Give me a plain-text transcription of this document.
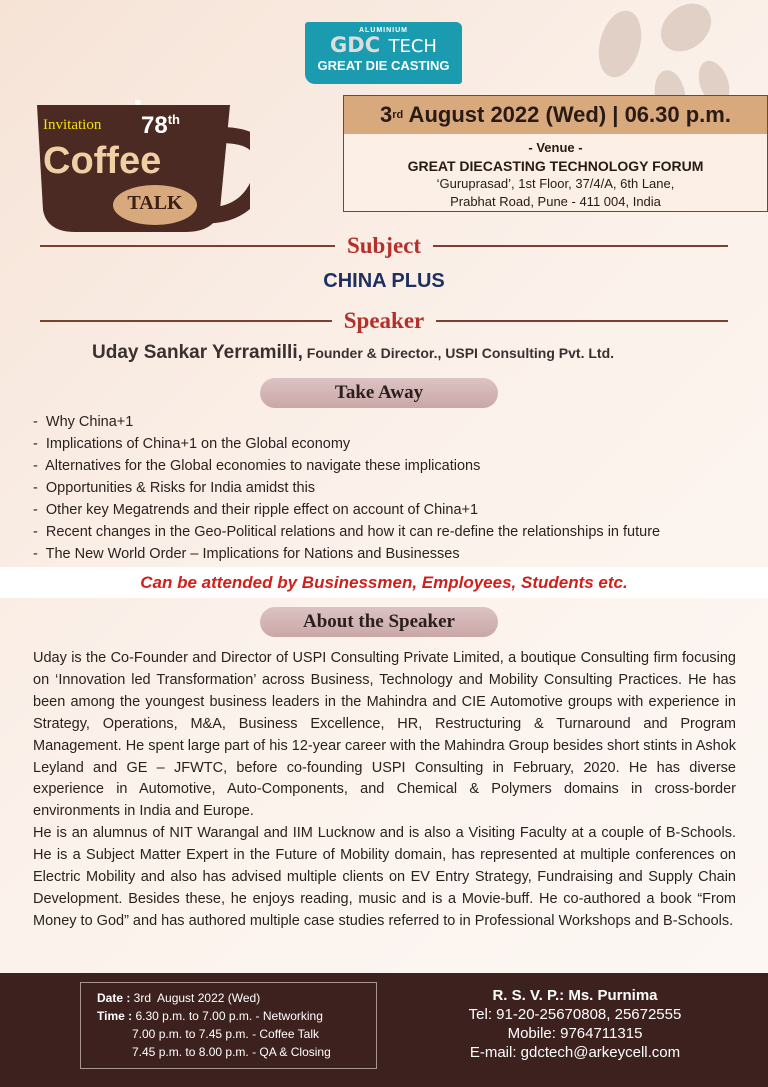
ALUMINIUM
GDC TECH
GREAT DIE CASTING
Invitation 78th
Coffee
TALK
3 rd August 2022 (Wed) | 06.30 p.m.
- Venue -
GREAT DIECASTING TECHNOLOGY FORUM
‘Guruprasad’, 1st Floor, 37/4/A, 6th Lane,
Prabhat Road, Pune - 411 004, India
Subject
CHINA PLUS
Speaker
Uday Sankar Yerramilli, Founder & Director., USPI Consulting Pvt. Ltd.
Take Away
- Why China+1
- Implications of China+1 on the Global economy
- Alternatives for the Global economies to navigate these implications
- Opportunities & Risks for India amidst this
- Other key Megatrends and their ripple effect on account of China+1
- Recent changes in the Geo-Political relations and how it can re-define the relationships in future
- The New World Order – Implications for Nations and Businesses
Can be attended by Businessmen, Employees, Students etc.
About the Speaker

Uday is the Co-Founder and Director of USPI Consulting Private Limited, a boutique Consulting firm focusing on ‘Innovation led Transformation’ across Business, Technology and Mobility Consulting Practices. He has been among the youngest business leaders in the Mahindra and CIE Automotive groups with experience in Strategy, Operations, M&A, Business Excellence, HR, Restructuring & Turnaround and Program Management. He spent large part of his 12-year career with the Mahindra Group besides short stints in Ashok Leyland and GE – JFWTC, before co-founding USPI Consulting in February, 2020. He has diverse experience in Automotive, Auto-Components, and Chemical & Polymers domains in cross-border environments in India and Europe.

He is an alumnus of NIT Warangal and IIM Lucknow and is also a Visiting Faculty at a couple of B-Schools. He is a Subject Matter Expert in the Future of Mobility domain, has represented at multiple conferences on Electric Mobility and also has advised multiple clients on EV Entry Strategy, Fundraising and Supply Chain Development. Besides these, he enjoys reading, music and is a Movie-buff. He co-authored a book “From Money to God” and has authored multiple case studies referred to in Professional Workshops and B-Schools.

Date : 3rd  August 2022 (Wed)
Time : 6.30 p.m. to 7.00 p.m. - Networking
7.00 p.m. to 7.45 p.m. - Coffee Talk
7.45 p.m. to 8.00 p.m. - QA & Closing
R. S. V. P.: Ms. Purnima
Tel: 91-20-25670808, 25672555
Mobile: 9764711315
E-mail: gdctech@arkeycell.com
